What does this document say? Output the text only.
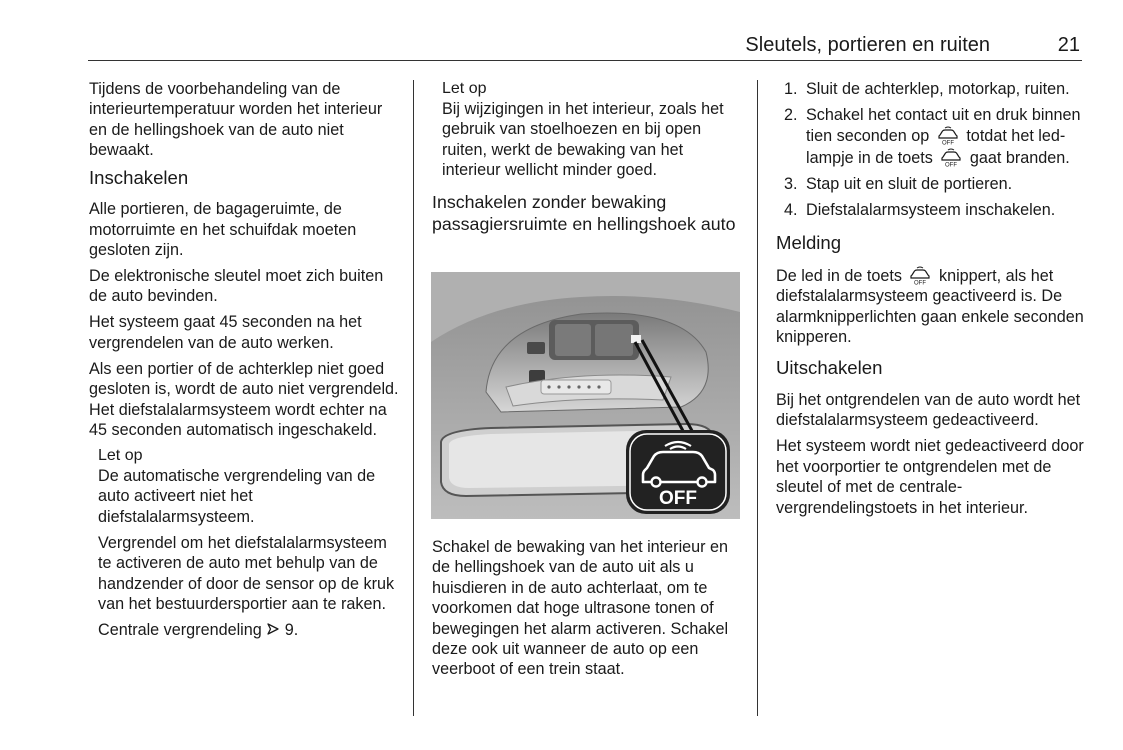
Sleutels, portieren en ruiten	21

Tijdens de voorbehandeling van de interieurtemperatuur worden het interieur en de hellingshoek van de auto niet bewaakt.

Inschakelen

Alle portieren, de bagageruimte, de motorruimte en het schuifdak moeten gesloten zijn.

De elektronische sleutel moet zich buiten de auto bevinden.

Het systeem gaat 45 seconden na het vergrendelen van de auto werken.

Als een portier of de achterklep niet goed gesloten is, wordt de auto niet vergrendeld. Het diefstalalarmsysteem wordt echter na 45 seconden automatisch ingeschakeld.

Let op

De automatische vergrendeling van de auto activeert niet het diefstalalarmsysteem.

Vergrendel om het diefstalalarmsysteem te activeren de auto met behulp van de handzender of door de sensor op de kruk van het bestuurdersportier aan te raken.

Centrale vergrendeling 9.

Let op

Bij wijzigingen in het interieur, zoals het gebruik van stoelhoezen en bij open ruiten, werkt de bewaking van het interieur wellicht minder goed.

Inschakelen zonder bewaking passagiersruimte en hellingshoek auto
OFF

Schakel de bewaking van het interieur en de hellingshoek van de auto uit als u huisdieren in de auto achterlaat, om te voorkomen dat hoge ultrasone tonen of bewegingen het alarm activeren. Schakel deze ook uit wanneer de auto op een veerboot of een trein staat.

1. Sluit de achterklep, motorkap, ruiten.
2. Schakel het contact uit en druk binnen tien seconden op OFF totdat het led-lampje in de toets OFF gaat branden.
3. Stap uit en sluit de portieren.
4. Diefstalalarmsysteem inschakelen.
Melding

De led in de toets OFF knippert, als het diefstalalarmsysteem geactiveerd is. De alarmknipperlichten gaan enkele seconden knipperen.

Uitschakelen

Bij het ontgrendelen van de auto wordt het diefstalalarmsysteem gedeactiveerd.

Het systeem wordt niet gedeactiveerd door het voorportier te ontgrendelen met de sleutel of met de centrale-vergrendelingstoets in het interieur.
